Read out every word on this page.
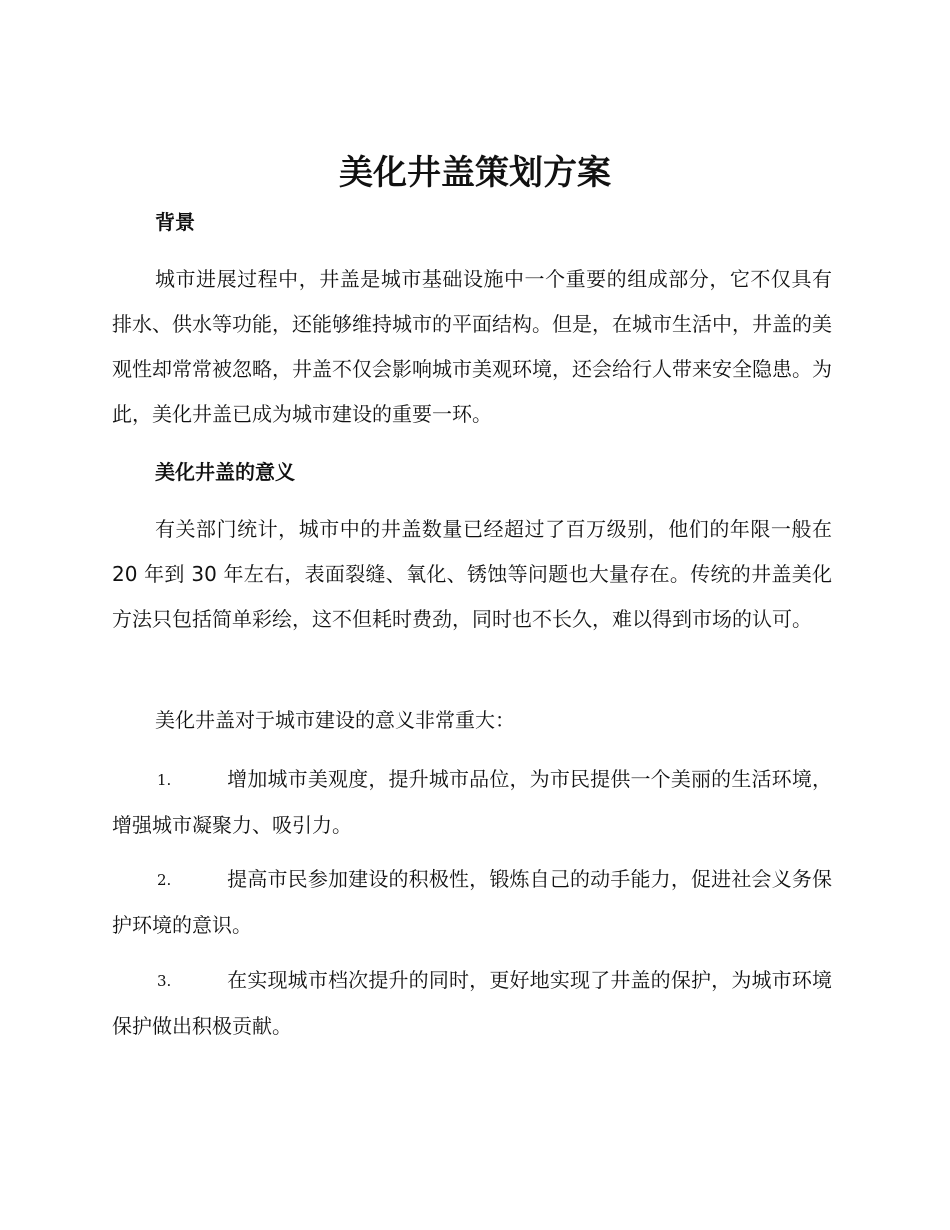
美化井盖策划方案
背景

城市进展过程中，井盖是城市基础设施中一个重要的组成部分，它不仅具有排水、供水等功能，还能够维持城市的平面结构。但是，在城市生活中，井盖的美观性却常常被忽略，井盖不仅会影响城市美观环境，还会给行人带来安全隐患。为此，美化井盖已成为城市建设的重要一环。

美化井盖的意义

有关部门统计，城市中的井盖数量已经超过了百万级别，他们的年限一般在 20 年到 30 年左右，表面裂缝、氧化、锈蚀等问题也大量存在。传统的井盖美化方法只包括简单彩绘，这不但耗时费劲，同时也不长久，难以得到市场的认可。

美化井盖对于城市建设的意义非常重大：

1.	增加城市美观度，提升城市品位，为市民提供一个美丽的生活环境，增强城市凝聚力、吸引力。

2.	提高市民参加建设的积极性，锻炼自己的动手能力，促进社会义务保护环境的意识。

3.	在实现城市档次提升的同时，更好地实现了井盖的保护，为城市环境保护做出积极贡献。
